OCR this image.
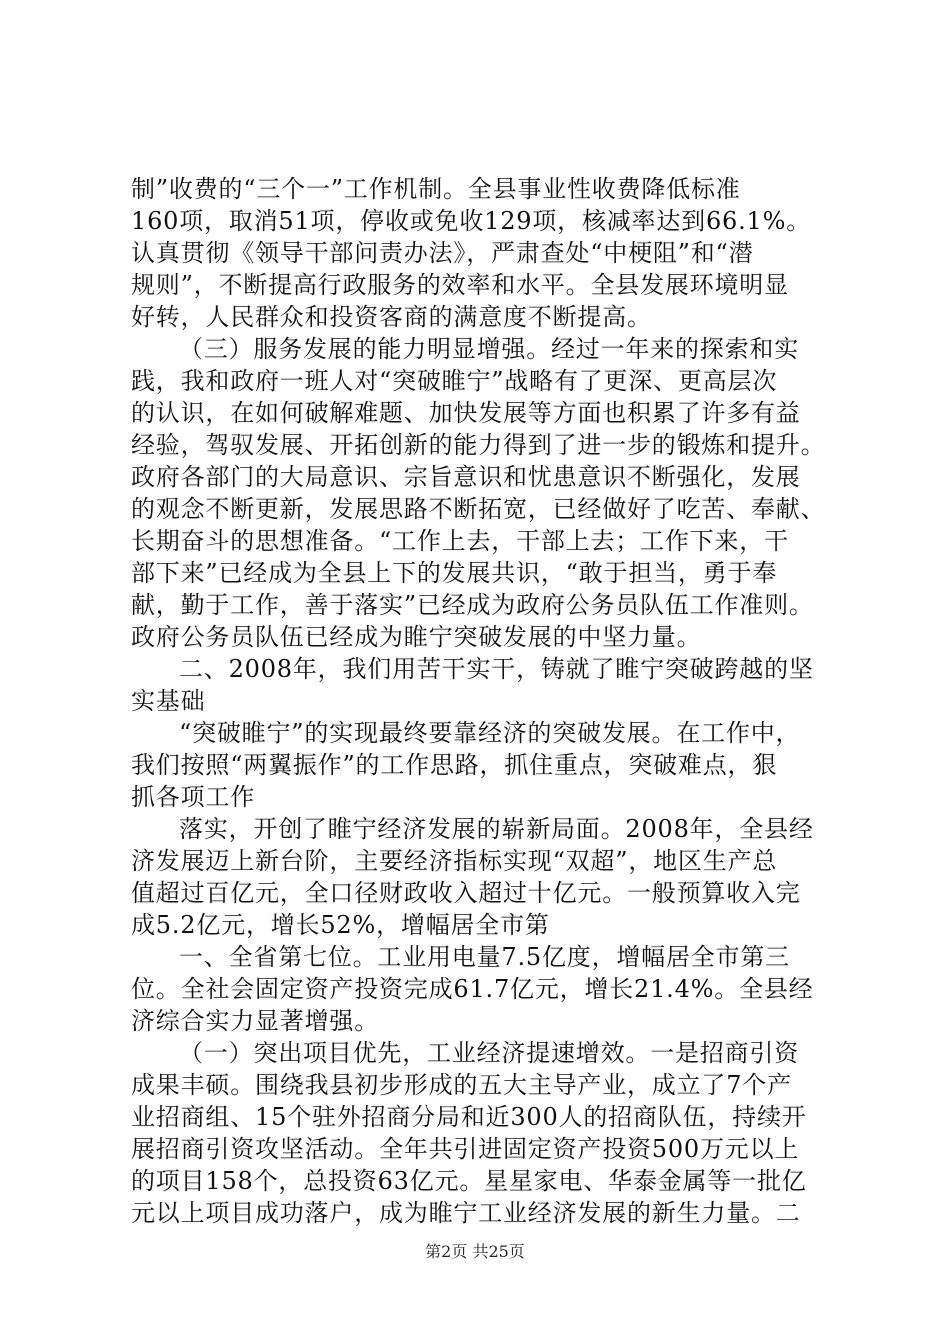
制”收费的“三个一”工作机制。全县事业性收费降低标准
160项，取消51项，停收或免收129项，核减率达到66.1%。
认真贯彻《领导干部问责办法》，严肃查处“中梗阻”和“潜
规则”，不断提高行政服务的效率和水平。全县发展环境明显
好转，人民群众和投资客商的满意度不断提高。
（三）服务发展的能力明显增强。经过一年来的探索和实
践，我和政府一班人对“突破睢宁”战略有了更深、更高层次
的认识，在如何破解难题、加快发展等方面也积累了许多有益
经验，驾驭发展、开拓创新的能力得到了进一步的锻炼和提升。
政府各部门的大局意识、宗旨意识和忧患意识不断强化，发展
的观念不断更新，发展思路不断拓宽，已经做好了吃苦、奉献、
长期奋斗的思想准备。“工作上去，干部上去；工作下来，干
部下来”已经成为全县上下的发展共识，“敢于担当，勇于奉
献，勤于工作，善于落实”已经成为政府公务员队伍工作准则。
政府公务员队伍已经成为睢宁突破发展的中坚力量。
二、2008年，我们用苦干实干，铸就了睢宁突破跨越的坚
实基础
“突破睢宁”的实现最终要靠经济的突破发展。在工作中，
我们按照“两翼振作”的工作思路，抓住重点，突破难点，狠
抓各项工作
落实，开创了睢宁经济发展的崭新局面。2008年，全县经
济发展迈上新台阶，主要经济指标实现“双超”，地区生产总
值超过百亿元，全口径财政收入超过十亿元。一般预算收入完
成5.2亿元，增长52%，增幅居全市第
一、全省第七位。工业用电量7.5亿度，增幅居全市第三
位。全社会固定资产投资完成61.7亿元，增长21.4%。全县经
济综合实力显著增强。
（一）突出项目优先，工业经济提速增效。一是招商引资
成果丰硕。围绕我县初步形成的五大主导产业，成立了7个产
业招商组、15个驻外招商分局和近300人的招商队伍，持续开
展招商引资攻坚活动。全年共引进固定资产投资500万元以上
的项目158个，总投资63亿元。星星家电、华泰金属等一批亿
元以上项目成功落户，成为睢宁工业经济发展的新生力量。二
第2页 共25页
